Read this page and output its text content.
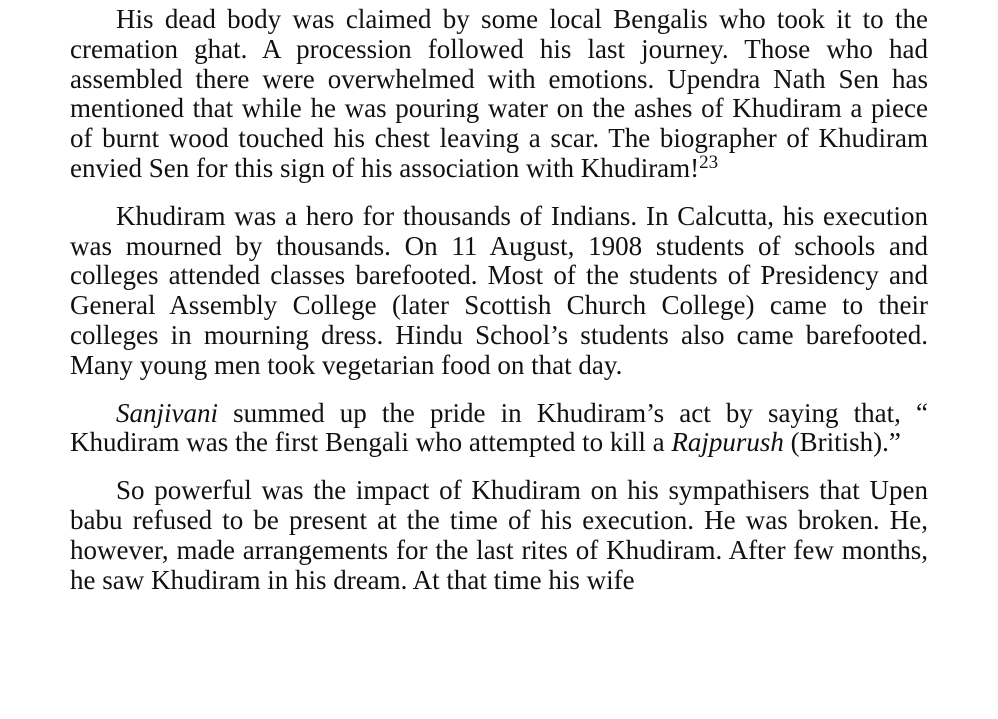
His dead body was claimed by some local Bengalis who took it to the cremation ghat. A procession followed his last journey. Those who had assembled there were overwhelmed with emotions. Upendra Nath Sen has mentioned that while he was pouring water on the ashes of Khudiram a piece of burnt wood touched his chest leaving a scar. The biographer of Khudiram envied Sen for this sign of his association with Khudiram!$^{23}$

Khudiram was a hero for thousands of Indians. In Calcutta, his execution was mourned by thousands. On 11 August, 1908 students of schools and colleges attended classes barefooted. Most of the students of Presidency and General Assembly College (later Scottish Church College) came to their colleges in mourning dress. Hindu School’s students also came barefooted. Many young men took vegetarian food on that day.

Sanjivani summed up the pride in Khudiram’s act by saying that, “ Khudiram was the first Bengali who attempted to kill a Rajpurush (British).”

So powerful was the impact of Khudiram on his sympathisers that Upen babu refused to be present at the time of his execution. He was broken. He, however, made arrangements for the last rites of Khudiram. After few months, he saw Khudiram in his dream. At that time his wife
